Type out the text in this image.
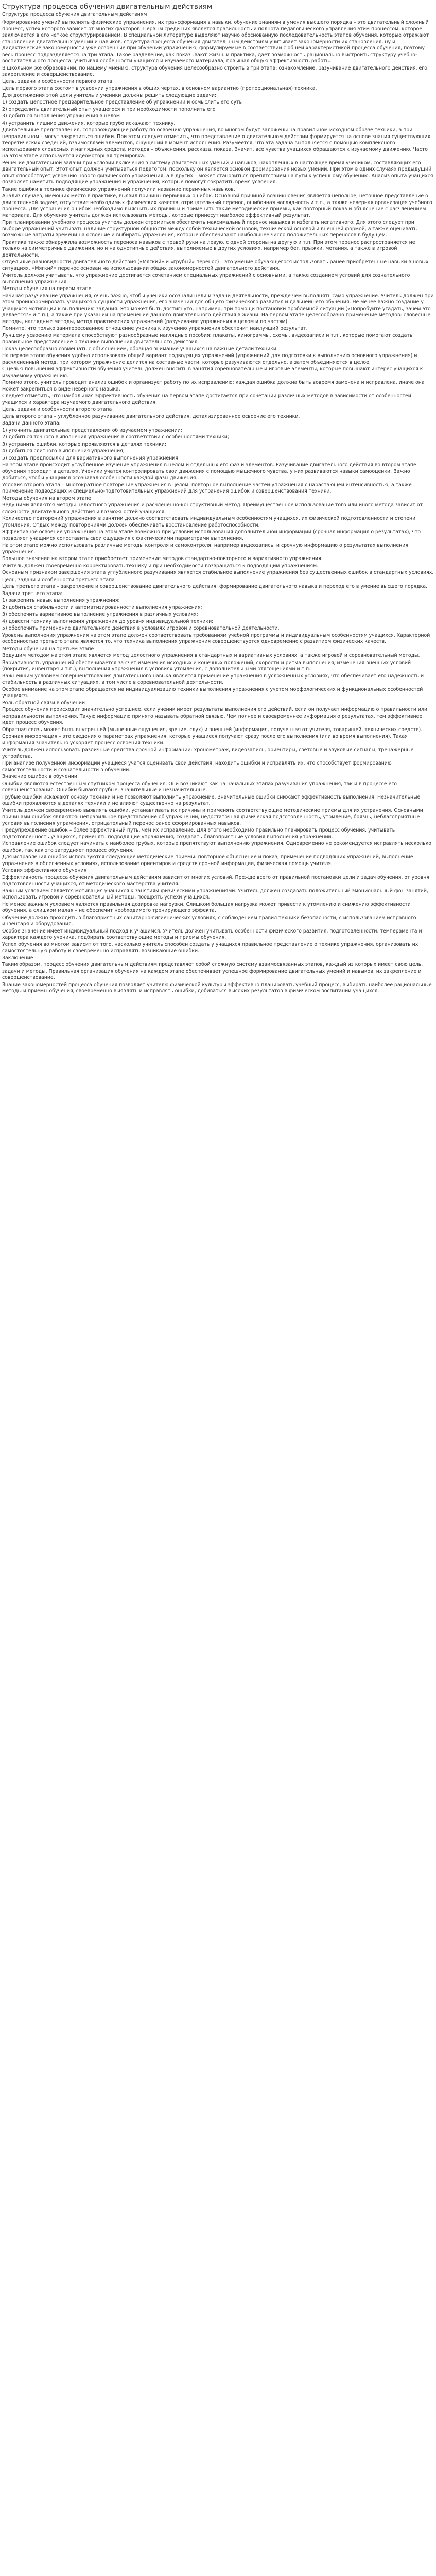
Структура процесса обучения двигательным действиям
Структура процесса обучения двигательным действиям

Формирование умений выполнять физические упражнения, их трансформация в навыки, обучение знаниям в умения высшего порядка – это двигательный сложный процесс, успех которого зависит от многих факторов. Первым среди них является правильность и полнота педагогического управления этим процессом, которое заключается в его четкое структурированием. В специальной литературе выделяют научно обоснованную последовательность этапов обучения, которые отражают становление двигательных умений и навыков, структура процесса обучения двигательным действиям учитывает закономерности их становления, ну и дидактические закономерности уже освоенные при обучении упражнению, формулируемые в соответствии с общей характеристикой процесса обучения, поэтому весь процесс подразделяется на три этапа. Такое разделение, как показывают жизнь и практика, дает возможность рационально выстроить структуру учебно-воспитательного процесса, учитывая особенности учащихся и изучаемого материала, повышая общую эффективность работы.

В школьном же образовании, по нашему мнению, структура обучения целесообразно строить в три этапа: ознакомление, разучивание двигательного действия, его закрепление и совершенствование.

Цель, задачи и особенности первого этапа

Цель первого этапа состоит в усвоении упражнения в общих чертах, в основном вариантно (пропорциональная) техника.

Для достижения этой цели учитель и ученики должны решить следующие задачи:

1) создать целостное предварительное представление об упражнении и осмыслить его суть

2) определить двигательный опыт учащегося и при необходимости пополнить его

3) добиться выполнения упражнения в целом

4) устранить лишние движения, которые грубо искажают технику.

Двигательные представления, сопровождающие работу по освоению упражнения, во многом будут заложены на правильном исходном образе техники, а при неправильном – могут закрепиться ошибки. При этом следует отметить, что представление о двигательном действии формируется на основе знания существующих теоретических сведений, взаимосвязей элементов, ощущений в момент исполнения. Разумеется, что эта задача выполняется с помощью комплексного использования словесных и наглядных средств, методов – объяснения, рассказа, показа. Значит, все чувства учащихся обращаются к изучаемому движению. Часто на этом этапе используется идеомоторная тренировка.

Решение двигательной задачи при условии включения в систему двигательных умений и навыков, накопленных в настоящее время учеником, составляющих его двигательный опыт. Этот опыт должен учитываться педагогом, поскольку он является основой формирования новых умений. При этом в одних случаях предыдущий опыт способствует усвоению нового физического упражнения, а в других – может становиться препятствием на пути к успешному обучению. Анализ опыта учащихся позволяет наметить подводящие упражнения и упражнения, которые помогут сократить время усвоения.

Такие ошибки в технике физических упражнений получили название первичных навыков.

Анализ случаев, имеющих место в практике, выявил причины первичных ошибок. Основной причиной возникновения является неполное, неточное представление о двигательной задаче, отсутствие необходимых физических качеств, отрицательный перенос, ошибочная наглядность и т.п., а также неверная организация учебного процесса. Для устранения ошибок необходимо выяснить их причины и применить такие методические приемы, как повторный показ и объяснение с расчленением материала. Для обучения учитель должен использовать методы, которые принесут наиболее эффективный результат.

При планировании учебного процесса учитель должен стремиться обеспечить максимальный перенос навыков и избегать негативного. Для этого следует при выборе упражнений учитывать наличие структурной общности между собой технической основой, технической основой и внешней формой, а также оценивать возможные затраты времени на освоение и выбирать упражнения, которые обеспечивают наибольшее число положительных переносов в будущем.

Практика также обнаружила возможность переноса навыков с правой руки на левую, с одной стороны на другую и т.п. При этом перенос распространяется не только на симметричные движения, но и на однотипные действия, выполняемые в других условиях, например бег, прыжки, метания, а также в игровой деятельности.

Отдельные разновидности двигательного действия («Мягкий» и «грубый» перенос) – это умение обучающегося использовать ранее приобретенные навыки в новых ситуациях. «Мягкий» перенос основан на использовании общих закономерностей двигательного действия.

Учитель должен учитывать, что упражнение достигается сочетанием специальных упражнений с основными, а также созданием условий для сознательного выполнения упражнения.

Методы обучения на первом этапе

Начиная разучивание упражнения, очень важно, чтобы ученики осознали цели и задачи деятельности, прежде чем выполнять само упражнение. Учитель должен при этом проинформировать учащихся о сущности упражнения, его значении для общего физического развития и дальнейшего обучения. Не менее важно создание у учащихся мотивации к выполнению задания. Это может быть достигнуто, например, при помощи постановки проблемной ситуации («Попробуйте угадать, зачем это делается?» и т.п.), а также при указании на применение данного двигательного действия в жизни. На первом этапе целесообразно применение методов: словесные методы, наглядные методы, метод практических упражнений (разучивание упражнения в целом и по частям).

Помните, что только заинтересованное отношение ученика к изучению упражнения обеспечит наилучший результат.

Лучшему усвоению материала способствуют разнообразные наглядные пособия: плакаты, кинограммы, схемы, видеозаписи и т.п., которые помогают создать правильное представление о технике выполнения двигательного действия.

Показ целесообразно совмещать с объяснением, обращая внимание учащихся на важные детали техники.

На первом этапе обучения удобно использовать общий вариант подводящих упражнений (упражнений для подготовки к выполнению основного упражнения) и расчлененный метод, при котором упражнение делится на составные части, которые разучиваются отдельно, а затем объединяются в целое.

С целью повышения эффективности обучения учитель должен вносить в занятия соревновательные и игровые элементы, которые повышают интерес учащихся к изучаемому упражнению.

Помимо этого, учитель проводит анализ ошибок и организует работу по их исправлению: каждая ошибка должна быть вовремя замечена и исправлена, иначе она может закрепиться в виде неверного навыка.

Следует отметить, что наибольшая эффективность обучения на первом этапе достигается при сочетании различных методов в зависимости от особенностей учащихся и характера изучаемого двигательного действия.

Цель, задачи и особенности второго этапа

Цель второго этапа – углубленное разучивание двигательного действия, детализированное освоение его техники.

Задачи данного этапа:

1) уточнить двигательные представления об изучаемом упражнении;

2) добиться точного выполнения упражнения в соответствии с особенностями техники;

3) устранить ошибки, которые проявляются в деталях техники;

4) добиться слитного выполнения упражнения;

5) создать предпосылки для вариативного выполнения упражнения.

На этом этапе происходит углубленное изучение упражнения в целом и отдельных его фаз и элементов. Разучивание двигательного действия во втором этапе обучения проходит в деталях. Ученики учатся контролировать свои движения с помощью мышечного чувства, у них развиваются навыки самооценки. Важно добиться, чтобы учащийся осознавал особенности каждой фазы движения.

Условия второго этапа – многократное повторение упражнения в целом, повторное выполнение частей упражнения с нарастающей интенсивностью, а также применение подводящих и специально-подготовительных упражнений для устранения ошибок и совершенствования техники.

Методы обучения на втором этапе

Ведущими являются методы целостного упражнения и расчлененно-конструктивный метод. Преимущественное использование того или иного метода зависит от сложности двигательного действия и возможностей учащихся.

Количество повторений упражнения в занятии должно соответствовать индивидуальным особенностям учащихся, их физической подготовленности и степени утомления. Отдых между повторениями должен обеспечивать восстановление работоспособности.

Эффективное освоение упражнения на этом этапе возможно при условии использования дополнительной информации (срочная информация о результатах), что позволяет учащимся сопоставить свои ощущения с фактическими параметрами выполнения.

На этом этапе можно использовать различные методы контроля и самоконтроля, например видеозапись, и срочную информацию о результатах выполнения упражнения.

Большое значение на втором этапе приобретает применение методов стандартно-повторного и вариативного упражнения.

Учитель должен своевременно корректировать технику и при необходимости возвращаться к подводящим упражнениям.

Основным признаком завершения этапа углубленного разучивания является стабильное выполнение упражнения без существенных ошибок в стандартных условиях.

Цель, задачи и особенности третьего этапа

Цель третьего этапа – закрепление и совершенствование двигательного действия, формирование двигательного навыка и переход его в умение высшего порядка.

Задачи третьего этапа:

1) закрепить навык выполнения упражнения;

2) добиться стабильности и автоматизированности выполнения упражнения;

3) обеспечить вариативное выполнение упражнения в различных условиях;

4) довести технику выполнения упражнения до уровня индивидуальной техники;

5) обеспечить применение двигательного действия в условиях игровой и соревновательной деятельности.

Уровень выполнения упражнения на этом этапе должен соответствовать требованиям учебной программы и индивидуальным особенностям учащихся. Характерной особенностью третьего этапа является то, что техника выполнения упражнения совершенствуется одновременно с развитием физических качеств.

Методы обучения на третьем этапе

Ведущим методом на этом этапе является метод целостного упражнения в стандартных и вариативных условиях, а также игровой и соревновательный методы.

Вариативность упражнений обеспечивается за счет изменения исходных и конечных положений, скорости и ритма выполнения, изменения внешних условий (покрытия, инвентаря и т.п.), выполнения упражнения в условиях утомления, с дополнительными отягощениями и т.п.

Важнейшим условием совершенствования двигательного навыка является применение упражнения в усложненных условиях, что обеспечивает его надежность и стабильность в различных ситуациях, в том числе в соревновательной деятельности.

Особое внимание на этом этапе обращается на индивидуализацию техники выполнения упражнения с учетом морфологических и функциональных особенностей учащихся.

Роль обратной связи в обучении

Процесс обучения происходит значительно успешнее, если ученик имеет результаты выполнения его действий, если он получает информацию о правильности или неправильности выполнения. Такую информацию принято называть обратной связью. Чем полнее и своевременнее информация о результатах, тем эффективнее идет процесс обучения.

Обратная связь может быть внутренней (мышечные ощущения, зрение, слух) и внешней (информация, полученная от учителя, товарищей, технических средств).

Срочная информация – это сведения о параметрах упражнения, которые учащиеся получают сразу после его выполнения (или во время выполнения). Такая информация значительно ускоряет процесс освоения техники.

Учитель должен использовать различные средства срочной информации: хронометраж, видеозапись, ориентиры, световые и звуковые сигналы, тренажерные устройства.

При анализе полученной информации учащиеся учатся оценивать свои действия, находить ошибки и исправлять их, что способствует формированию самостоятельности и сознательности в обучении.

Значение ошибок в обучении

Ошибки являются естественным спутником процесса обучения. Они возникают как на начальных этапах разучивания упражнения, так и в процессе его совершенствования. Ошибки бывают грубые, значительные и незначительные.

Грубые ошибки искажают основу техники и не позволяют выполнить упражнение. Значительные ошибки снижают эффективность выполнения. Незначительные ошибки проявляются в деталях техники и не влияют существенно на результат.

Учитель должен своевременно выявлять ошибки, устанавливать их причины и применять соответствующие методические приемы для их устранения. Основными причинами ошибок являются: неправильное представление об упражнении, недостаточная физическая подготовленность, утомление, боязнь, неблагоприятные условия выполнения упражнения, отрицательный перенос ранее сформированных навыков.

Предупреждение ошибок – более эффективный путь, чем их исправление. Для этого необходимо правильно планировать процесс обучения, учитывать подготовленность учащихся, применять подводящие упражнения, создавать благоприятные условия выполнения упражнений.

Исправление ошибок следует начинать с наиболее грубых, которые препятствуют выполнению упражнения. Одновременно не рекомендуется исправлять несколько ошибок, так как это затрудняет процесс обучения.

Для исправления ошибок используются следующие методические приемы: повторное объяснение и показ, применение подводящих упражнений, выполнение упражнения в облегченных условиях, использование ориентиров и средств срочной информации, физическая помощь учителя.

Условия эффективного обучения

Эффективность процесса обучения двигательным действиям зависит от многих условий. Прежде всего от правильной постановки цели и задач обучения, от уровня подготовленности учащихся, от методического мастерства учителя.

Важным условием является мотивация учащихся к занятиям физическими упражнениями. Учитель должен создавать положительный эмоциональный фон занятий, использовать игровой и соревновательный методы, поощрять успехи учащихся.

Не менее важным условием является правильная дозировка нагрузки. Слишком большая нагрузка может привести к утомлению и снижению эффективности обучения, а слишком малая – не обеспечит необходимого тренирующего эффекта.

Обучение должно проходить в благоприятных санитарно-гигиенических условиях, с соблюдением правил техники безопасности, с использованием исправного инвентаря и оборудования.

Особое значение имеет индивидуальный подход к учащимся. Учитель должен учитывать особенности физического развития, подготовленности, темперамента и характера каждого ученика, подбирать соответствующие методы и приемы обучения.

Успех обучения во многом зависит от того, насколько учитель способен создать у учащихся правильное представление о технике упражнения, организовать их самостоятельную работу и своевременно исправлять возникающие ошибки.

Заключение

Таким образом, процесс обучения двигательным действиям представляет собой сложную систему взаимосвязанных этапов, каждый из которых имеет свою цель, задачи и методы. Правильная организация обучения на каждом этапе обеспечивает успешное формирование двигательных умений и навыков, их закрепление и совершенствование.

Знание закономерностей процесса обучения позволяет учителю физической культуры эффективно планировать учебный процесс, выбирать наиболее рациональные методы и приемы обучения, своевременно выявлять и исправлять ошибки, добиваться высоких результатов в физическом воспитании учащихся.
